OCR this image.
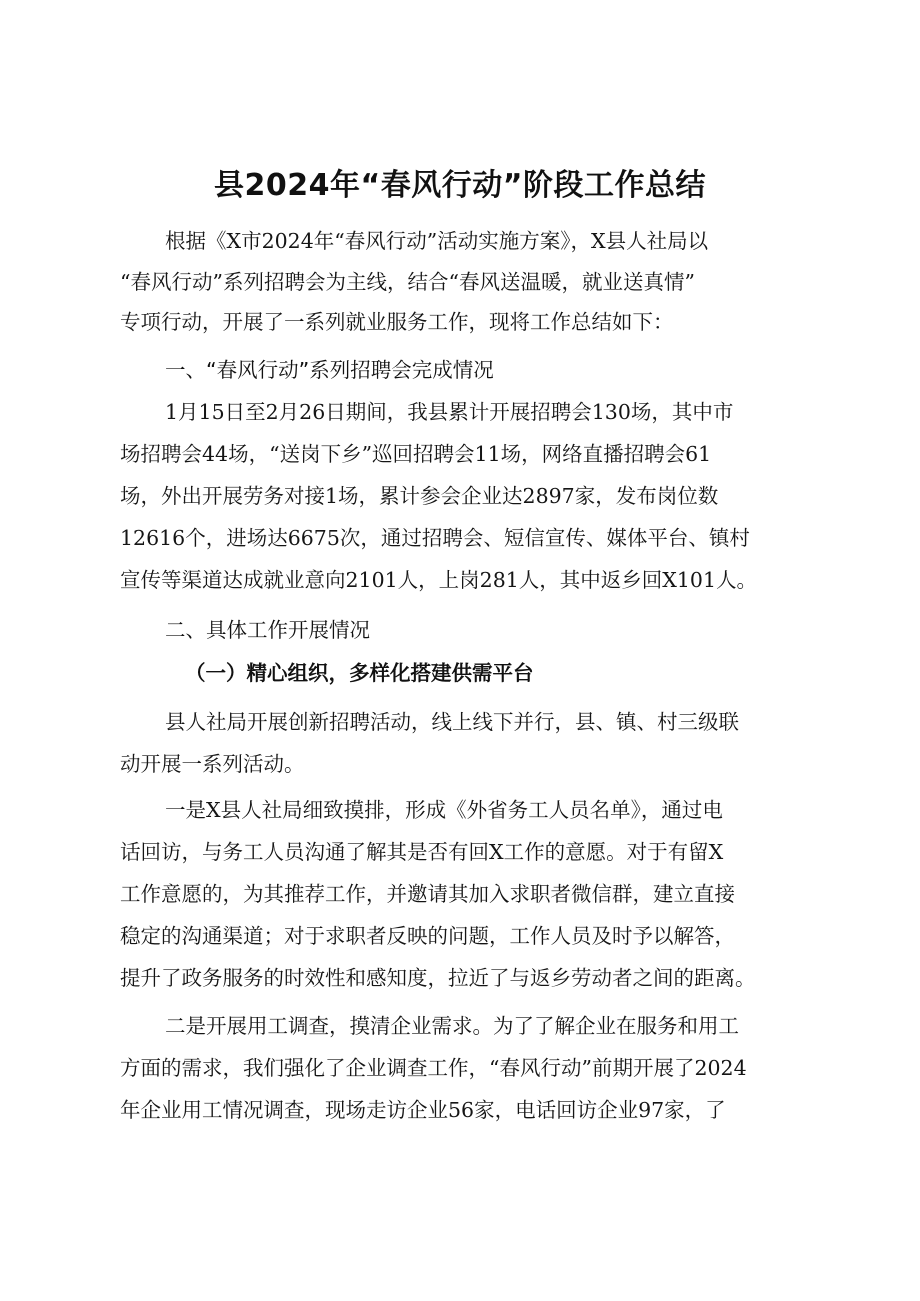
县2024年“春风行动”阶段工作总结
根据《X市2024年“春风行动”活动实施方案》，X县人社局以
“春风行动”系列招聘会为主线，结合“春风送温暖，就业送真情”
专项行动，开展了一系列就业服务工作，现将工作总结如下：
一、“春风行动”系列招聘会完成情况
1月15日至2月26日期间，我县累计开展招聘会130场，其中市
场招聘会44场，“送岗下乡”巡回招聘会11场，网络直播招聘会61
场，外出开展劳务对接1场，累计参会企业达2897家，发布岗位数
12616个，进场达6675次，通过招聘会、短信宣传、媒体平台、镇村
宣传等渠道达成就业意向2101人，上岗281人，其中返乡回X101人。
二、具体工作开展情况
（一）精心组织，多样化搭建供需平台
县人社局开展创新招聘活动，线上线下并行，县、镇、村三级联
动开展一系列活动。
一是X县人社局细致摸排，形成《外省务工人员名单》，通过电
话回访，与务工人员沟通了解其是否有回X工作的意愿。对于有留X
工作意愿的，为其推荐工作，并邀请其加入求职者微信群，建立直接
稳定的沟通渠道；对于求职者反映的问题，工作人员及时予以解答，
提升了政务服务的时效性和感知度，拉近了与返乡劳动者之间的距离。
二是开展用工调查，摸清企业需求。为了了解企业在服务和用工
方面的需求，我们强化了企业调查工作，“春风行动”前期开展了2024
年企业用工情况调查，现场走访企业56家，电话回访企业97家，了
